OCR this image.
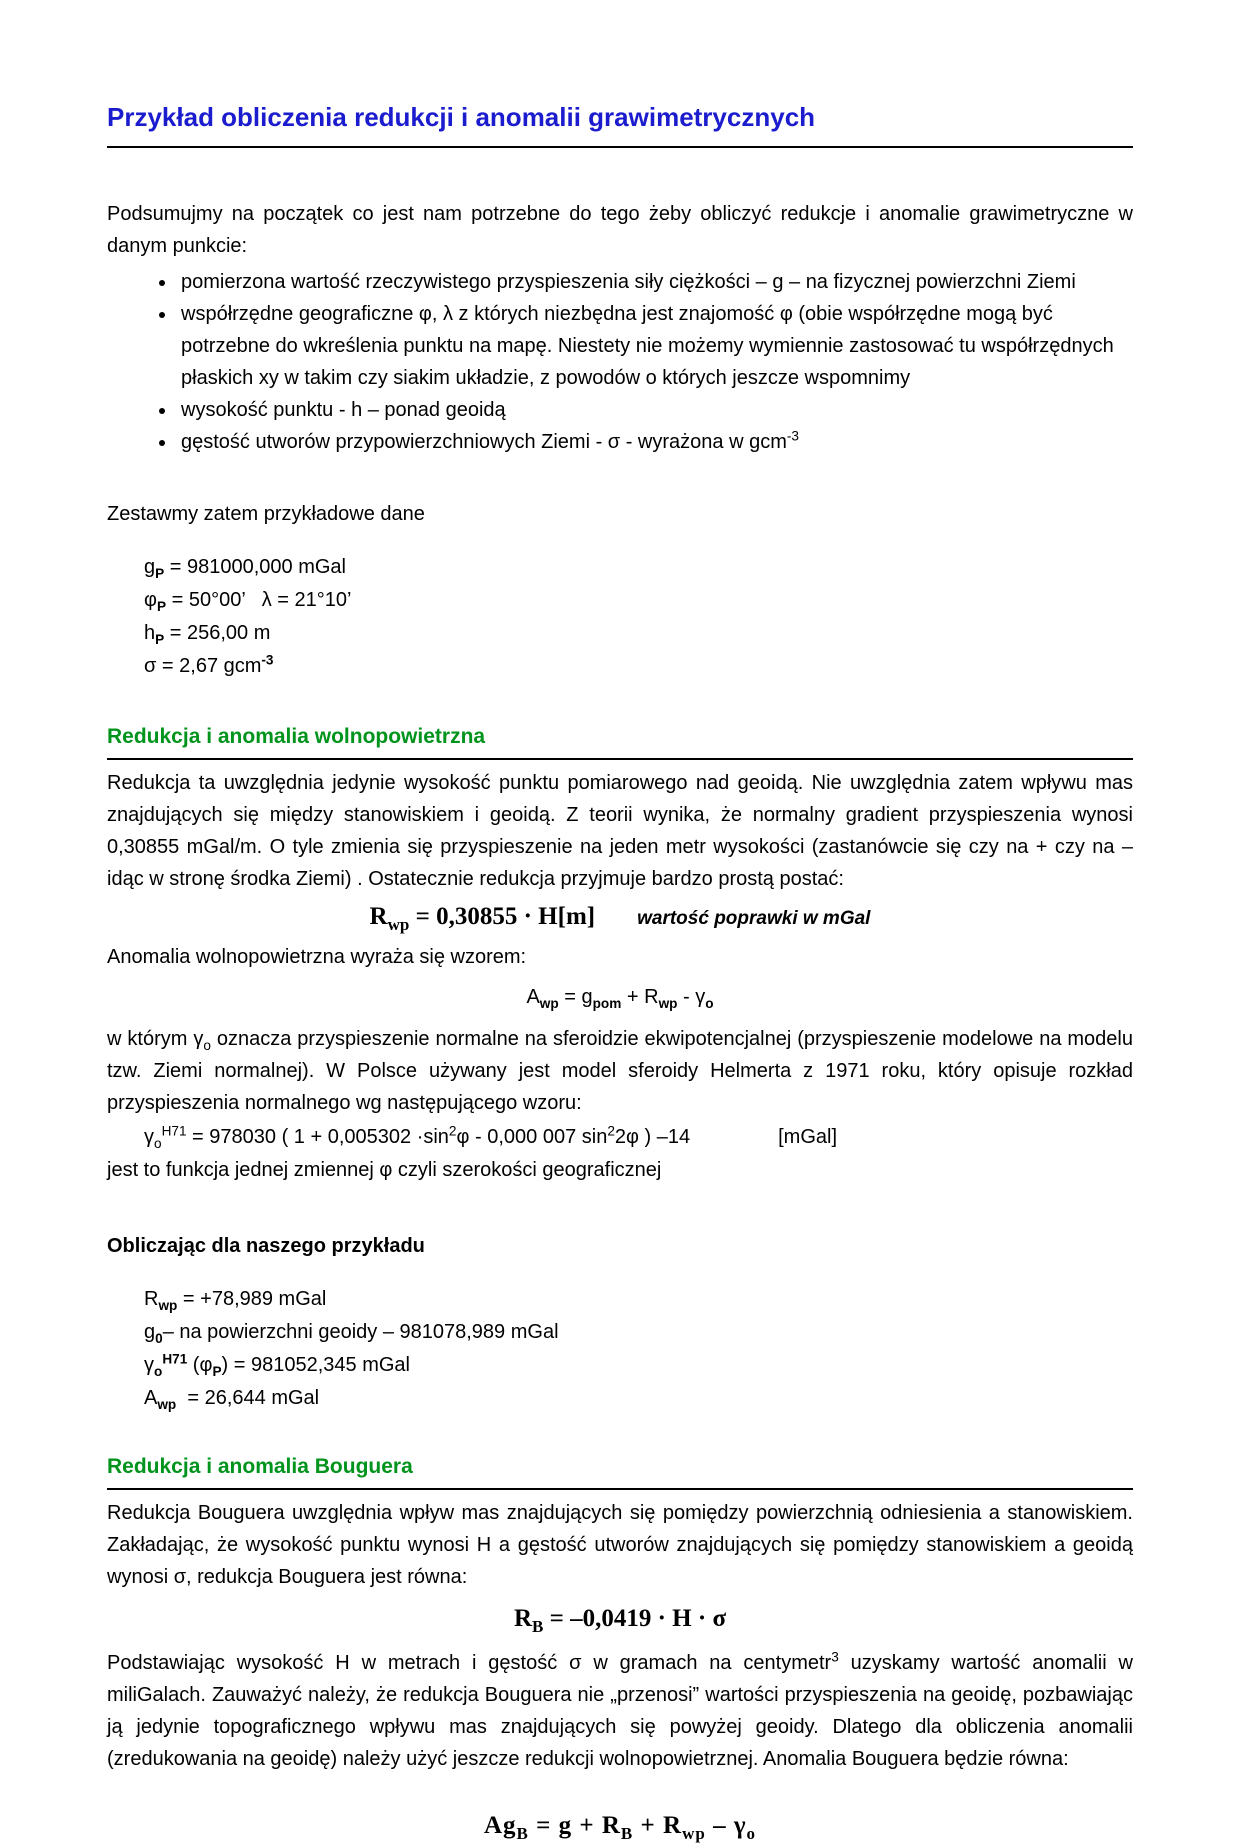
Przykład obliczenia redukcji i anomalii grawimetrycznych

Podsumujmy na początek co jest nam potrzebne do tego żeby obliczyć redukcje i anomalie grawimetryczne w danym punkcie:

• pomierzona wartość rzeczywistego przyspieszenia siły ciężkości – g – na fizycznej powierzchni Ziemi
• współrzędne geograficzne φ, λ z których niezbędna jest znajomość φ (obie współrzędne mogą być potrzebne do wkreślenia punktu na mapę. Niestety nie możemy wymiennie zastosować tu współrzędnych płaskich xy w takim czy siakim układzie, z powodów o których jeszcze wspomnimy
• wysokość punktu - h – ponad geoidą
• gęstość utworów przypowierzchniowych Ziemi - σ - wyrażona w gcm$^{-3}$

Zestawmy zatem przykładowe dane

$g_P = 981000,000$ mGal
$\varphi_P = 50^\circ 00$’   λ = 21°10’
$h_P = 256,00$ m
σ = 2,67 gcm$^{-3}$
Redukcja i anomalia wolnopowietrzna

Redukcja ta uwzględnia jedynie wysokość punktu pomiarowego nad geoidą. Nie uwzględnia zatem wpływu mas znajdujących się między stanowiskiem i geoidą. Z teorii wynika, że normalny gradient przyspieszenia wynosi 0,30855 mGal/m. O tyle zmienia się przyspieszenie na jeden metr wysokości (zastanówcie się czy na + czy na – idąc w stronę środka Ziemi) . Ostatecznie redukcja przyjmuje bardzo prostą postać:

$R_{wp} = 0,30855 \cdot H[m]$ wartość poprawki w mGal

Anomalia wolnopowietrzna wyraża się wzorem:

$A_{wp} = g_{pom} + R_{wp} - \gamma_o$

w którym $\gamma_o$ oznacza przyspieszenie normalne na sferoidzie ekwipotencjalnej (przyspieszenie modelowe na modelu tzw. Ziemi normalnej). W Polsce używany jest model sferoidy Helmerta z 1971 roku, który opisuje rozkład przyspieszenia normalnego wg następującego wzoru:

$\gamma_o^{H71} = 978030$ ( $1 + 0,005302 \cdot\sin^2\varphi - 0,000$ 007 $\sin^22\varphi$ ) –14	[mGal]

jest to funkcja jednej zmiennej φ czyli szerokości geograficznej

Obliczając dla naszego przykładu

$R_{wp} = +78,989$ mGal
$g_0-$ na powierzchni geoidy – 981078,989 mGal
$\gamma_o^{H71}$ $(\varphi_P) = 981052,345$ mGal
$A_{wp} = 26,644$ mGal
Redukcja i anomalia Bouguera

Redukcja Bouguera uwzględnia wpływ mas znajdujących się pomiędzy powierzchnią odniesienia a stanowiskiem. Zakładając, że wysokość punktu wynosi H a gęstość utworów znajdujących się pomiędzy stanowiskiem a geoidą wynosi σ, redukcja Bouguera jest równa:

$R_B = -0,0419 \cdot H \cdot \sigma$

Podstawiając wysokość H w metrach i gęstość σ w gramach na centymetr$^3$ uzyskamy wartość anomalii w miliGalach. Zauważyć należy, że redukcja Bouguera nie „przenosi” wartości przyspieszenia na geoidę, pozbawiając ją jedynie topograficznego wpływu mas znajdujących się powyżej geoidy. Dlatego dla obliczenia anomalii (zredukowania na geoidę) należy użyć jeszcze redukcji wolnopowietrznej. Anomalia Bouguera będzie równa:

$Ag_B = g + R_B + R_{wp} - \gamma_o$
